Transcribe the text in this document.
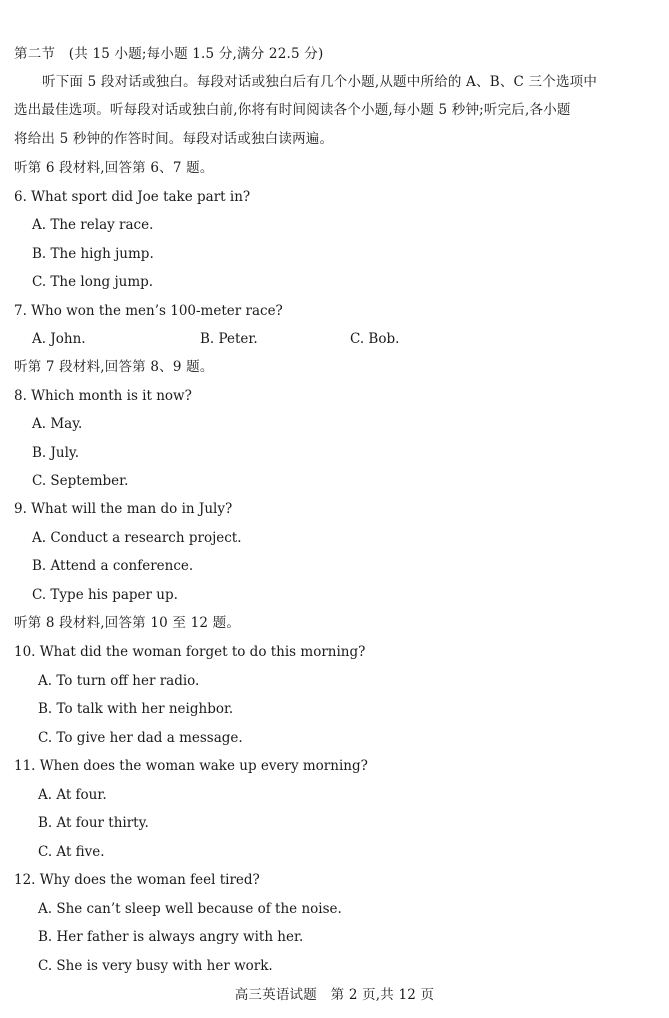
第二节　(共 15 小题;每小题 1.5 分,满分 22.5 分)
听下面 5 段对话或独白。每段对话或独白后有几个小题,从题中所给的 A、B、C 三个选项中
选出最佳选项。听每段对话或独白前,你将有时间阅读各个小题,每小题 5 秒钟;听完后,各小题
将给出 5 秒钟的作答时间。每段对话或独白读两遍。
听第 6 段材料,回答第 6、7 题。
6. What sport did Joe take part in?
A. The relay race.
B. The high jump.
C. The long jump.
7. Who won the men’s 100-meter race?
A. John.	B. Peter.	C. Bob.
听第 7 段材料,回答第 8、9 题。
8. Which month is it now?
A. May.
B. July.
C. September.
9. What will the man do in July?
A. Conduct a research project.
B. Attend a conference.
C. Type his paper up.
听第 8 段材料,回答第 10 至 12 题。
10. What did the woman forget to do this morning?
A. To turn off her radio.
B. To talk with her neighbor.
C. To give her dad a message.
11. When does the woman wake up every morning?
A. At four.
B. At four thirty.
C. At five.
12. Why does the woman feel tired?
A. She can’t sleep well because of the noise.
B. Her father is always angry with her.
C. She is very busy with her work.
高三英语试题　第 2 页,共 12 页
